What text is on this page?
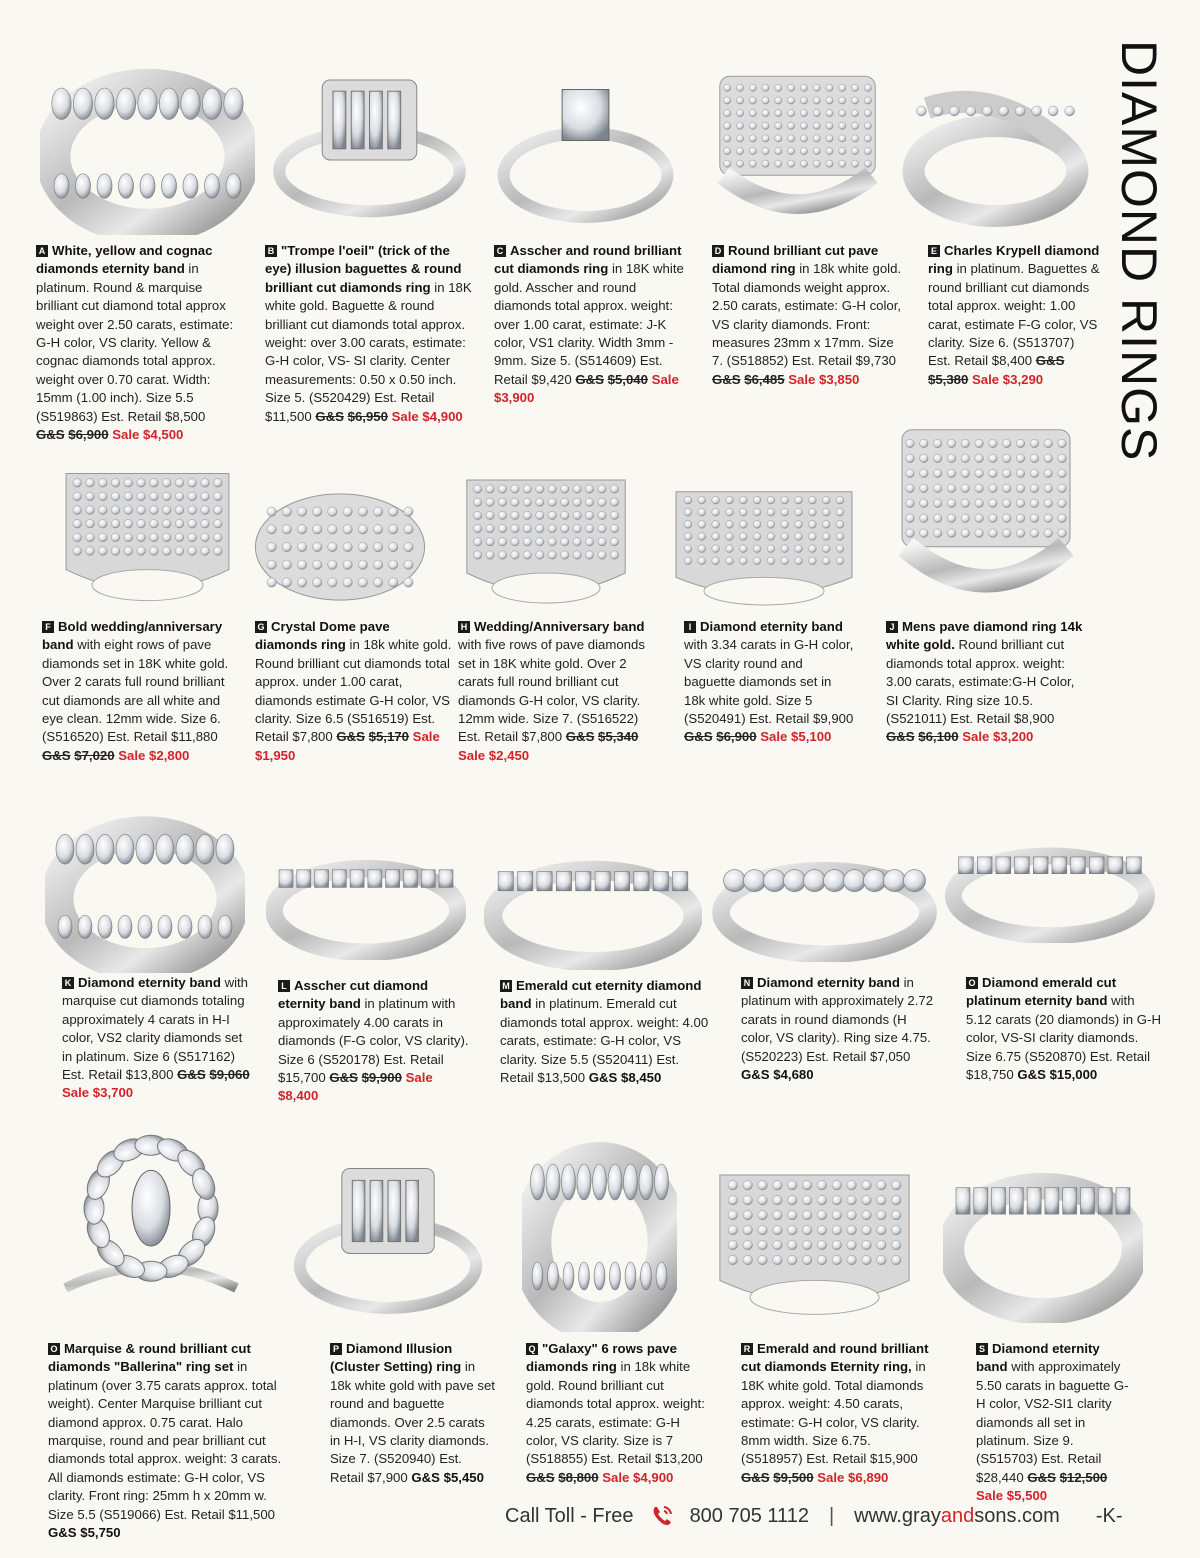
DIAMOND RINGS
A White, yellow and cognac diamonds eternity band in platinum. Round & marquise brilliant cut diamond total approx weight over 2.50 carats, estimate: G-H color, VS clarity. Yellow & cognac diamonds total approx. weight over 0.70 carat. Width: 15mm (1.00 inch). Size 5.5 (S519863) Est. Retail $8,500 G&S $6,900 Sale $4,500
B "Trompe l'oeil" (trick of the eye) illusion baguettes & round brilliant cut diamonds ring in 18K white gold. Baguette & round brilliant cut diamonds total approx. weight: over 3.00 carats, estimate: G-H color, VS- SI clarity. Center measurements: 0.50 x 0.50 inch. Size 5. (S520429) Est. Retail $11,500 G&S $6,950 Sale $4,900
C Asscher and round brilliant cut diamonds ring in 18K white gold. Asscher and round diamonds total approx. weight: over 1.00 carat, estimate: J-K color, VS1 clarity. Width 3mm - 9mm. Size 5. (S514609) Est. Retail $9,420 G&S $5,040 Sale $3,900
D Round brilliant cut pave diamond ring in 18k white gold. Total diamonds weight approx. 2.50 carats, estimate: G-H color, VS clarity diamonds. Front: measures 23mm x 17mm. Size 7. (S518852) Est. Retail $9,730 G&S $6,485 Sale $3,850
E Charles Krypell diamond ring in platinum. Baguettes & round brilliant cut diamonds total approx. weight: 1.00 carat, estimate F-G color, VS clarity. Size 6. (S513707) Est. Retail $8,400 G&S $5,380 Sale $3,290
F Bold wedding/anniversary band with eight rows of pave diamonds set in 18K white gold. Over 2 carats full round brilliant cut diamonds are all white and eye clean. 12mm wide. Size 6. (S516520) Est. Retail $11,880 G&S $7,020 Sale $2,800
G Crystal Dome pave diamonds ring in 18k white gold. Round brilliant cut diamonds total approx. under 1.00 carat, diamonds estimate G-H color, VS clarity. Size 6.5 (S516519) Est. Retail $7,800 G&S $5,170 Sale $1,950
H Wedding/Anniversary band with five rows of pave diamonds set in 18K white gold. Over 2 carats full round brilliant cut diamonds G-H color, VS clarity. 12mm wide. Size 7. (S516522) Est. Retail $7,800 G&S $5,340 Sale $2,450
I Diamond eternity band with 3.34 carats in G-H color, VS clarity round and baguette diamonds set in 18k white gold. Size 5 (S520491) Est. Retail $9,900 G&S $6,900 Sale $5,100
J Mens pave diamond ring 14k white gold. Round brilliant cut diamonds total approx. weight: 3.00 carats, estimate:G-H Color, SI Clarity. Ring size 10.5. (S521011) Est. Retail $8,900 G&S $6,100 Sale $3,200
K Diamond eternity band with marquise cut diamonds totaling approximately 4 carats in H-I color, VS2 clarity diamonds set in platinum. Size 6 (S517162) Est. Retail $13,800 G&S $9,060 Sale $3,700
L Asscher cut diamond eternity band in platinum with approximately 4.00 carats in diamonds (F-G color, VS clarity). Size 6 (S520178) Est. Retail $15,700 G&S $9,900 Sale $8,400
M Emerald cut eternity diamond band in platinum. Emerald cut diamonds total approx. weight: 4.00 carats, estimate: G-H color, VS clarity. Size 5.5 (S520411) Est. Retail $13,500 G&S $8,450
N Diamond eternity band in platinum with approximately 2.72 carats in round diamonds (H color, VS clarity). Ring size 4.75. (S520223) Est. Retail $7,050 G&S $4,680
O Diamond emerald cut platinum eternity band with 5.12 carats (20 diamonds) in G-H color, VS-SI clarity diamonds. Size 6.75 (S520870) Est. Retail $18,750 G&S $15,000
O Marquise & round brilliant cut diamonds "Ballerina" ring set in platinum (over 3.75 carats approx. total weight). Center Marquise brilliant cut diamond approx. 0.75 carat. Halo marquise, round and pear brilliant cut diamonds total approx. weight: 3 carats. All diamonds estimate: G-H color, VS clarity. Front ring: 25mm h x 20mm w. Size 5.5 (S519066) Est. Retail $11,500 G&S $5,750
P Diamond Illusion (Cluster Setting) ring in 18k white gold with pave set round and baguette diamonds. Over 2.5 carats in H-I, VS clarity diamonds. Size 7. (S520940) Est. Retail $7,900 G&S $5,450
Q "Galaxy" 6 rows pave diamonds ring in 18k white gold. Round brilliant cut diamonds total approx. weight: 4.25 carats, estimate: G-H color, VS clarity. Size is 7 (S518855) Est. Retail $13,200 G&S $8,800 Sale $4,900
R Emerald and round brilliant cut diamonds Eternity ring, in 18K white gold. Total diamonds approx. weight: 4.50 carats, estimate: G-H color, VS clarity. 8mm width. Size 6.75. (S518957) Est. Retail $15,900 G&S $9,500 Sale $6,890
S Diamond eternity band with approximately 5.50 carats in baguette G-H color, VS2-SI1 clarity diamonds all set in platinum. Size 9. (S515703) Est. Retail $28,440 G&S $12,500 Sale $5,500
Call Toll - Free	800 705 1112 | www.grayandsons.com -K-
